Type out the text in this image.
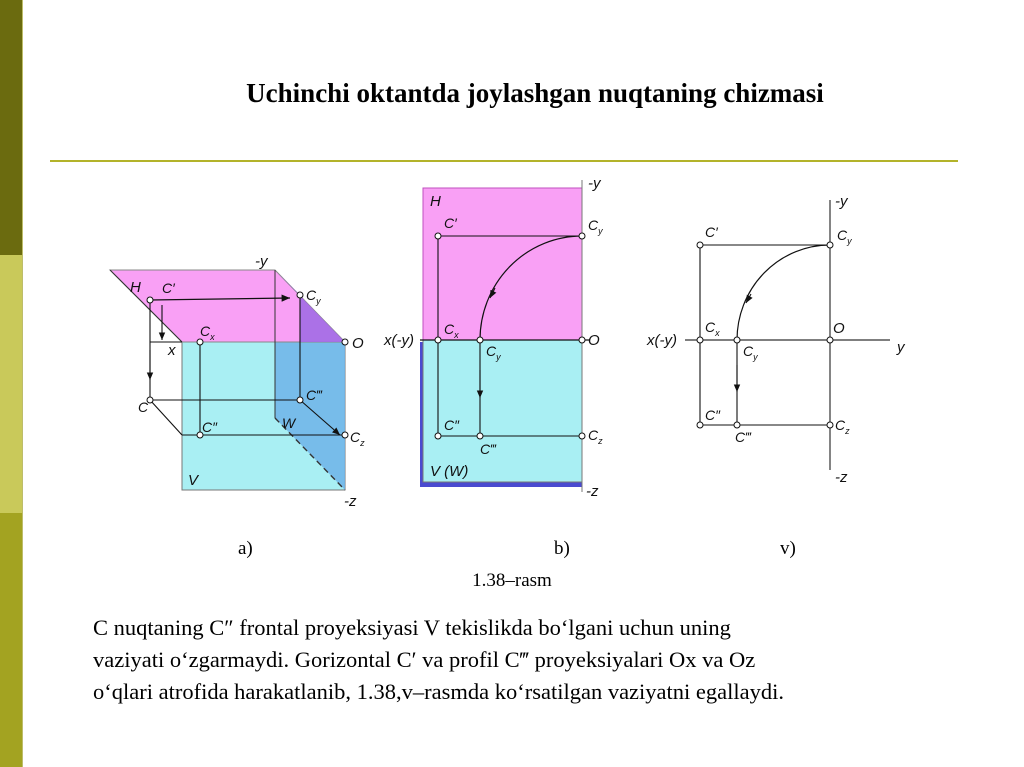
Uchinchi oktantda joylashgan nuqtaning chizmasi
-y
H C′	$C_y$
$C_x$
x	O
C
C‴
W
C″
$C_z$
V
-z
-y
H
C′	$C_y$
$C_x$
x(-y)	O
$C_y$
C″
$C_z$
C‴
V (W)
-z
-y
C′	$C_y$
$C_x$
x(-y)
O
y
$C_y$
C″
$C_z$
C‴
-z
a)	b)	v)
1.38–rasm
C nuqtaning C″ frontal proyeksiyasi V tekislikda bo‘lgani uchun uning
vaziyati o‘zgarmaydi. Gorizontal C′ va profil C‴ proyeksiyalari Ox va Oz
o‘qlari atrofida harakatlanib, 1.38,v–rasmda ko‘rsatilgan vaziyatni egallaydi.
